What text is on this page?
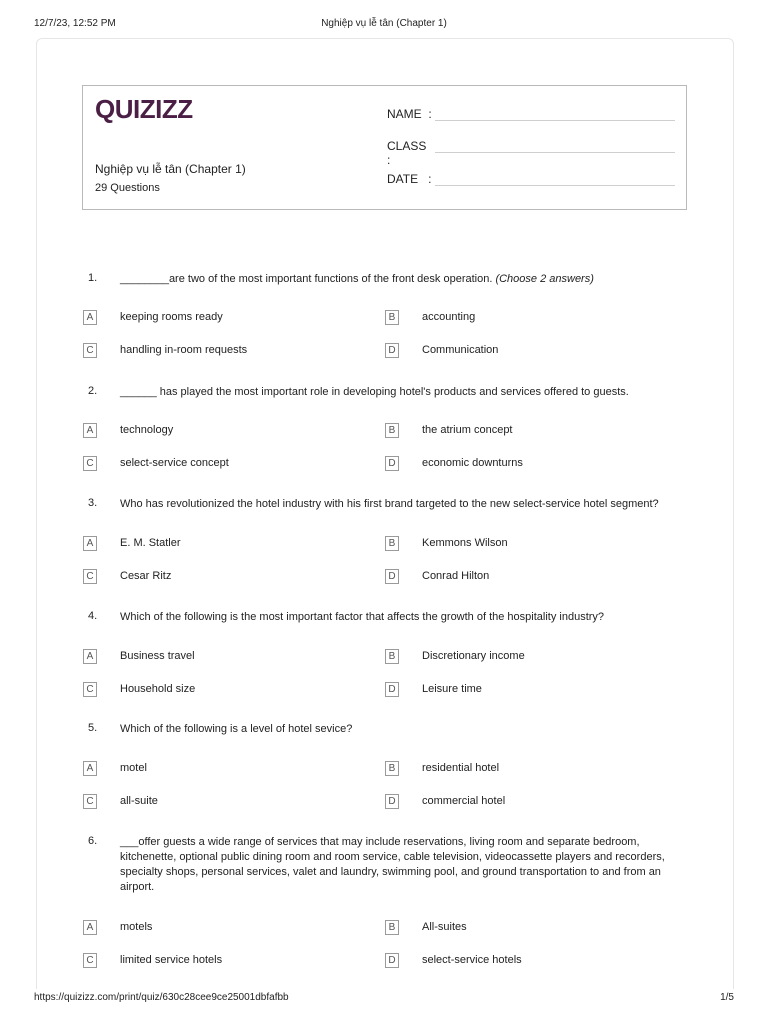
12/7/23, 12:52 PM	Nghiệp vụ lễ tân (Chapter 1)
QUIZIZZ
Nghiệp vụ lễ tân (Chapter 1)
29 Questions
NAME :
CLASS :
DATE :
1. ________are two of the most important functions of the front desk operation. (Choose 2 answers)
A	keeping rooms ready	B	accounting
C	handling in-room requests	D	Communication
2. ______ has played the most important role in developing hotel's products and services offered to guests.
A	technology	B	the atrium concept
C	select-service concept	D	economic downturns
3. Who has revolutionized the hotel industry with his first brand targeted to the new select-service hotel segment?
A	E. M. Statler	B	Kemmons Wilson
C	Cesar Ritz	D	Conrad Hilton
4. Which of the following is the most important factor that affects the growth of the hospitality industry?
A	Business travel	B	Discretionary income
C	Household size	D	Leisure time
5. Which of the following is a level of hotel sevice?
A	motel	B	residential hotel
C	all-suite	D	commercial hotel
6. ___offer guests a wide range of services that may include reservations, living room and separate bedroom, kitchenette, optional public dining room and room service, cable television, videocassette players and recorders, specialty shops, personal services, valet and laundry, swimming pool, and ground transportation to and from an airport.
A	motels	B	All-suites
C	limited service hotels	D	select-service hotels
https://quizizz.com/print/quiz/630c28cee9ce25001dbfafbb	1/5
